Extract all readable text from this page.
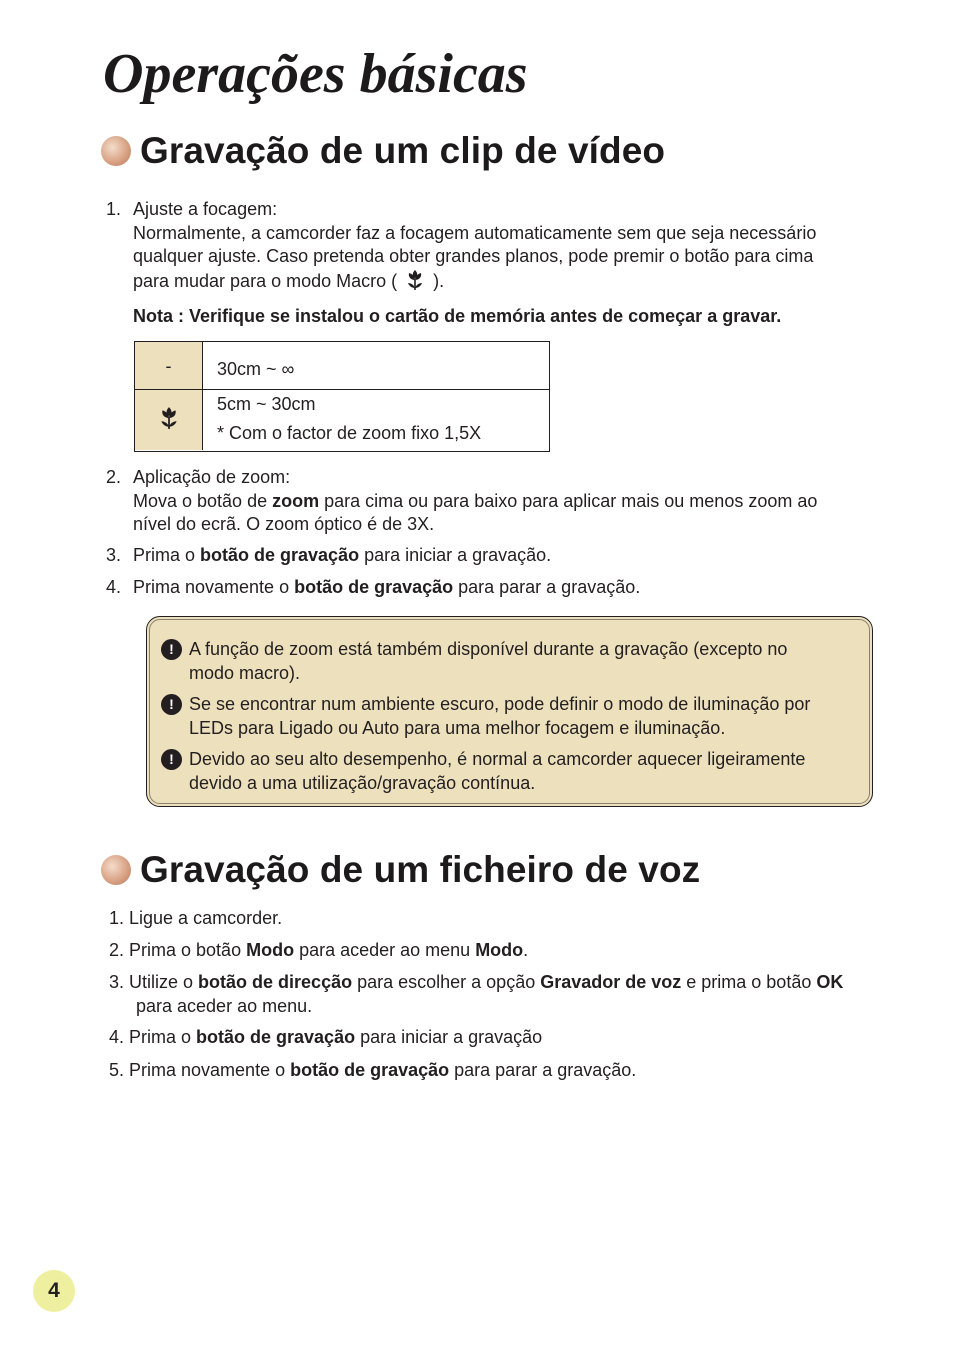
Operações básicas
Gravação de um clip de vídeo
1. Ajuste a focagem:
Normalmente, a camcorder faz a focagem automaticamente sem que seja necessário
qualquer ajuste. Caso pretenda obter grandes planos, pode premir o botão para cima
para mudar para o modo Macro ( ).
Nota : Verifique se instalou o cartão de memória antes de começar a gravar.
-	30cm ~ ∞
5cm ~ 30cm
* Com o factor de zoom fixo 1,5X
2. Aplicação de zoom:
Mova o botão de zoom para cima ou para baixo para aplicar mais ou menos zoom ao
nível do ecrã. O zoom óptico é de 3X.
3. Prima o botão de gravação para iniciar a gravação.
4. Prima novamente o botão de gravação para parar a gravação.
! A função de zoom está também disponível durante a gravação (excepto no
modo macro).
! Se se encontrar num ambiente escuro, pode definir o modo de iluminação por
LEDs para Ligado ou Auto para uma melhor focagem e iluminação.
! Devido ao seu alto desempenho, é normal a camcorder aquecer ligeiramente
devido a uma utilização/gravação contínua.
Gravação de um ficheiro de voz
1. Ligue a camcorder.
2. Prima o botão Modo para aceder ao menu Modo.
3. Utilize o botão de direcção para escolher a opção Gravador de voz e prima o botão OK
para aceder ao menu.
4. Prima o botão de gravação para iniciar a gravação
5. Prima novamente o botão de gravação para parar a gravação.
4
